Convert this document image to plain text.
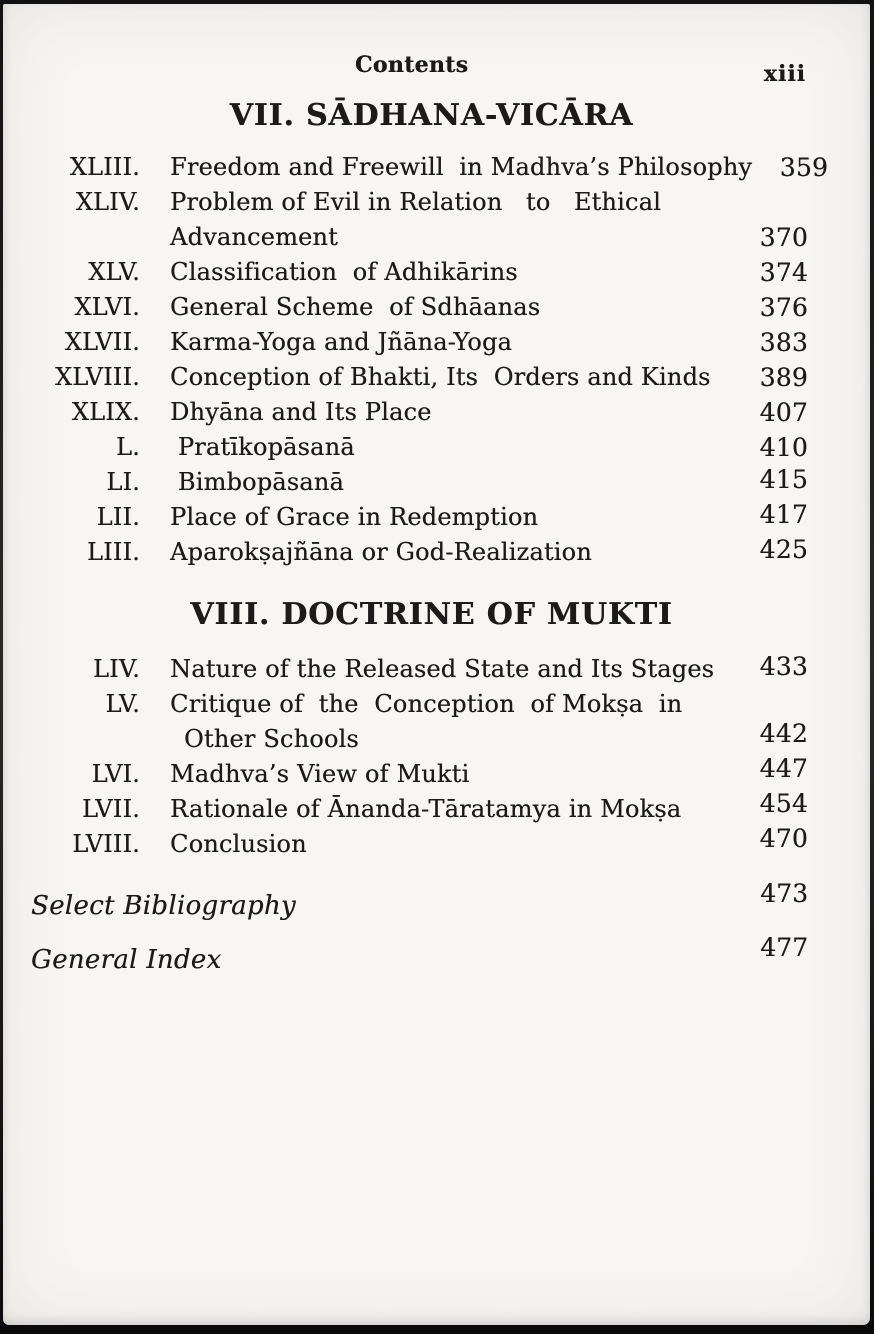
Contents	xiii
VII. SĀDHANA-VICĀRA
XLIII.	Freedom and Freewill  in Madhva’s Philosophy	359
XLIV.	Problem of Evil in Relation   to   Ethical
Advancement	370
XLV.	Classification  of Adhikārins	374
XLVI.	General Scheme  of Sdhāanas	376
XLVII.	Karma-Yoga and Jñāna-Yoga	383
XLVIII.	Conception of Bhakti, Its  Orders and Kinds	389
XLIX.	Dhyāna and Its Place	407
L.	Pratīkopāsanā	410
LI.	Bimbopāsanā	415
LII.	Place of Grace in Redemption	417
LIII.	Aparokṣajñāna or God-Realization	425
VIII. DOCTRINE OF MUKTI
LIV.	Nature of the Released State and Its Stages	433
LV.	Critique of  the  Conception  of Mokṣa  in
Other Schools	442
LVI.	Madhva’s View of Mukti	447
LVII.	Rationale of Ānanda-Tāratamya in Mokṣa	454
LVIII.	Conclusion	470
Select Bibliography	473
General Index	477
